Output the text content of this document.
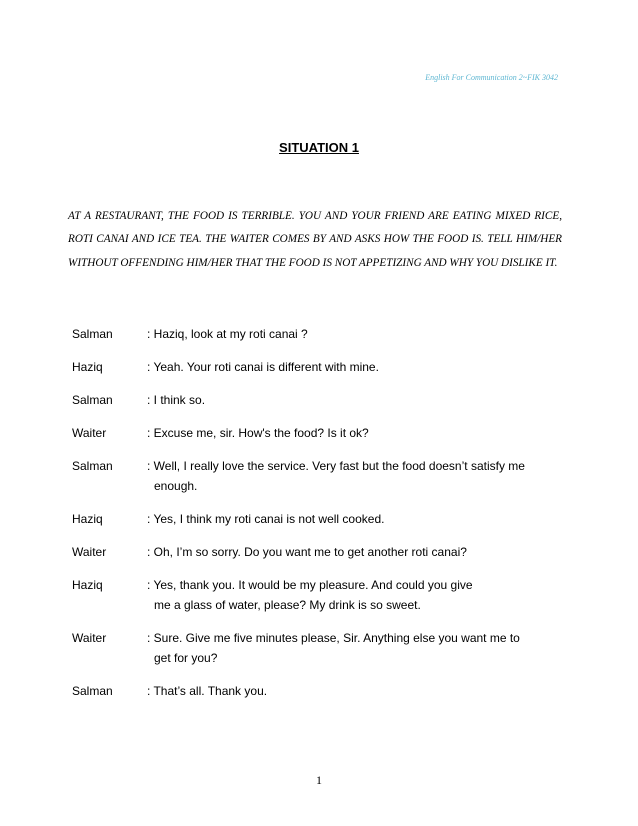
English For Communication 2~FIK 3042
SITUATION 1

AT A RESTAURANT, THE FOOD IS TERRIBLE. YOU AND YOUR FRIEND ARE EATING MIXED RICE, ROTI CANAI AND ICE TEA. THE WAITER COMES BY AND ASKS HOW THE FOOD IS. TELL HIM/HER WITHOUT OFFENDING HIM/HER THAT THE FOOD IS NOT APPETIZING AND WHY YOU DISLIKE IT.

Salman	: Haziq, look at my roti canai ?
Haziq	: Yeah. Your roti canai is different with mine.
Salman	: I think so.
Waiter	: Excuse me, sir. How's the food? Is it ok?
Salman	: Well, I really love the service. Very fast but the food doesn’t satisfy me
enough.
Haziq	: Yes, I think my roti canai is not well cooked.
Waiter	: Oh, I’m so sorry. Do you want me to get another roti canai?
Haziq	: Yes, thank you. It would be my pleasure. And could you give
me a glass of water, please? My drink is so sweet.
Waiter	: Sure. Give me five minutes please, Sir. Anything else you want me to
get for you?
Salman	: That’s all. Thank you.
1
